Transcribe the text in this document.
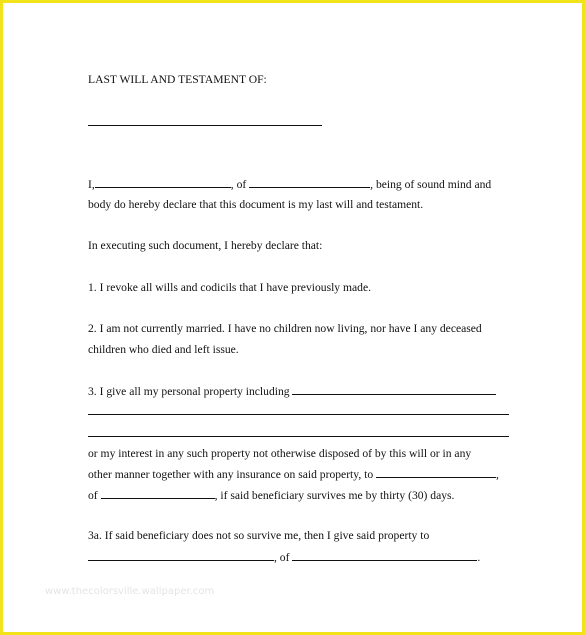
LAST WILL AND TESTAMENT OF:
I,	, of	, being of sound mind and
body do hereby declare that this document is my last will and testament.
In executing such document, I hereby declare that:
1. I revoke all wills and codicils that I have previously made.
2. I am not currently married. I have no children now living, nor have I any deceased
children who died and left issue.
3. I give all my personal property including
or my interest in any such property not otherwise disposed of by this will or in any
other manner together with any insurance on said property, to	,
of	, if said beneficiary survives me by thirty (30) days.
3a. If said beneficiary does not so survive me, then I give said property to
, of	.
www.thecolorsville.wallpaper.com
